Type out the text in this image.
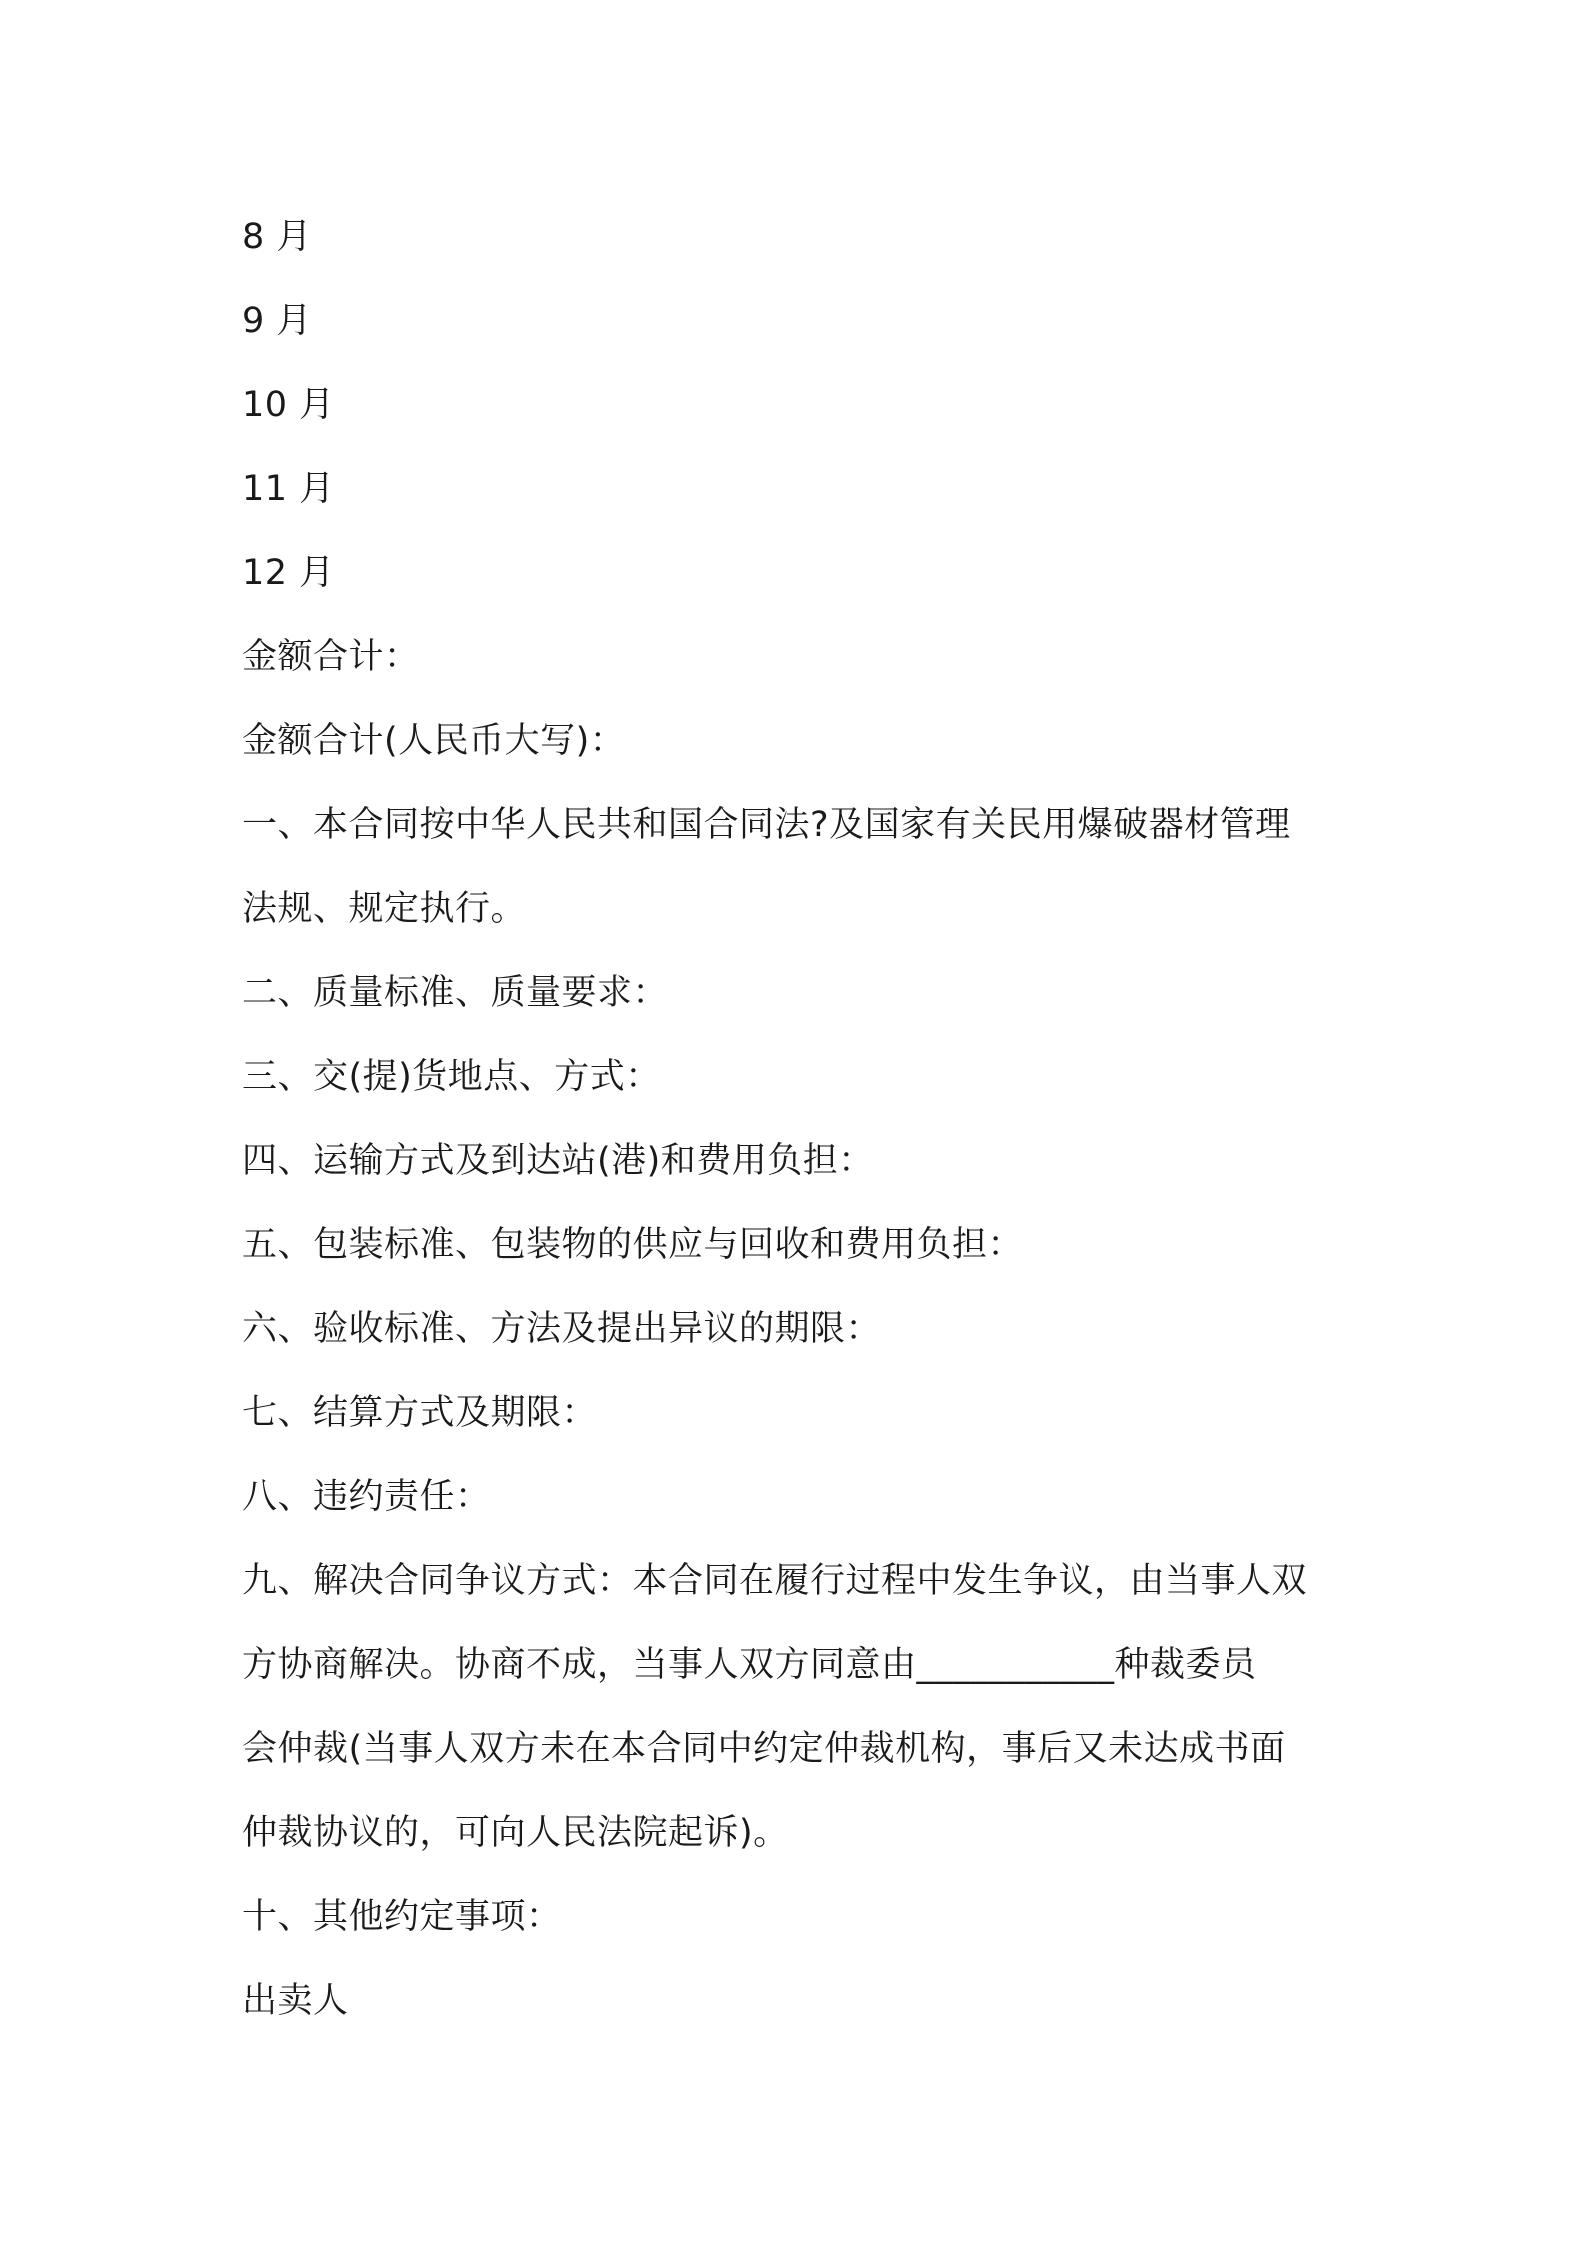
8 月
9 月
10 月
11 月
12 月
金额合计：
金额合计(人民币大写)：
一、本合同按中华人民共和国合同法?及国家有关民用爆破器材管理
法规、规定执行。
二、质量标准、质量要求：
三、交(提)货地点、方式：
四、运输方式及到达站(港)和费用负担：
五、包装标准、包装物的供应与回收和费用负担：
六、验收标准、方法及提出异议的期限：
七、结算方式及期限：
八、违约责任：
九、解决合同争议方式：本合同在履行过程中发生争议，由当事人双
方协商解决。协商不成，当事人双方同意由___________种裁委员
会仲裁(当事人双方未在本合同中约定仲裁机构，事后又未达成书面
仲裁协议的，可向人民法院起诉)。
十、其他约定事项：
出卖人
